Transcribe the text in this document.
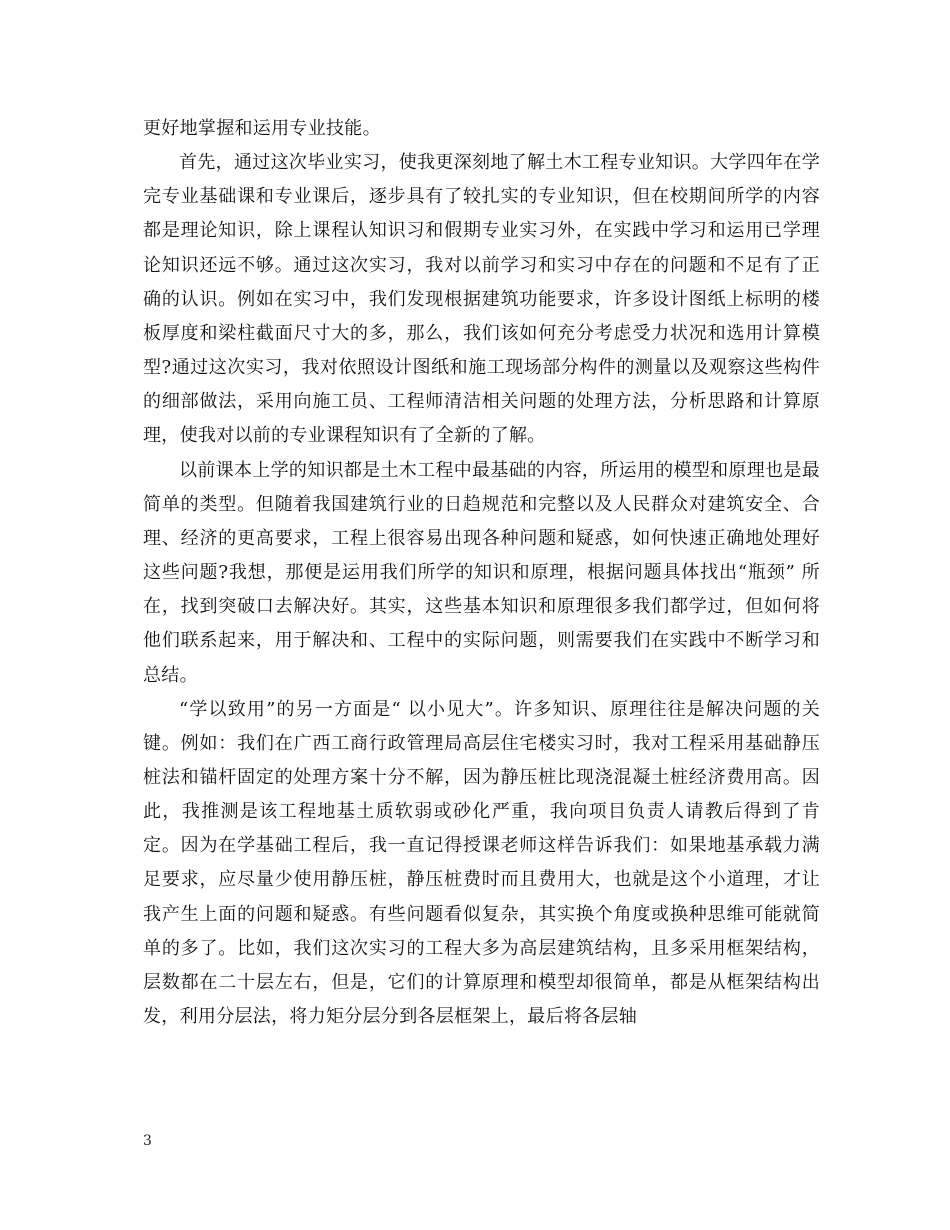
更好地掌握和运用专业技能。

首先，通过这次毕业实习，使我更深刻地了解土木工程专业知识。大学四年在学完专业基础课和专业课后，逐步具有了较扎实的专业知识，但在校期间所学的内容都是理论知识，除上课程认知识习和假期专业实习外，在实践中学习和运用已学理论知识还远不够。通过这次实习，我对以前学习和实习中存在的问题和不足有了正确的认识。例如在实习中，我们发现根据建筑功能要求，许多设计图纸上标明的楼板厚度和梁柱截面尺寸大的多，那么，我们该如何充分考虑受力状况和选用计算模型?通过这次实习，我对依照设计图纸和施工现场部分构件的测量以及观察这些构件的细部做法，采用向施工员、工程师清洁相关问题的处理方法，分析思路和计算原理，使我对以前的专业课程知识有了全新的了解。

以前课本上学的知识都是土木工程中最基础的内容，所运用的模型和原理也是最简单的类型。但随着我国建筑行业的日趋规范和完整以及人民群众对建筑安全、合理、经济的更高要求，工程上很容易出现各种问题和疑惑，如何快速正确地处理好这些问题?我想，那便是运用我们所学的知识和原理，根据问题具体找出“瓶颈” 所在，找到突破口去解决好。其实，这些基本知识和原理很多我们都学过，但如何将他们联系起来，用于解决和、工程中的实际问题，则需要我们在实践中不断学习和总结。

“学以致用”的另一方面是“ 以小见大”。许多知识、原理往往是解决问题的关键。例如：我们在广西工商行政管理局高层住宅楼实习时，我对工程采用基础静压桩法和锚杆固定的处理方案十分不解，因为静压桩比现浇混凝土桩经济费用高。因此，我推测是该工程地基土质软弱或砂化严重，我向项目负责人请教后得到了肯定。因为在学基础工程后，我一直记得授课老师这样告诉我们：如果地基承载力满足要求，应尽量少使用静压桩，静压桩费时而且费用大，也就是这个小道理，才让我产生上面的问题和疑惑。有些问题看似复杂，其实换个角度或换种思维可能就简单的多了。比如，我们这次实习的工程大多为高层建筑结构，且多采用框架结构，层数都在二十层左右，但是，它们的计算原理和模型却很简单，都是从框架结构出发，利用分层法，将力矩分层分到各层框架上，最后将各层轴

3
